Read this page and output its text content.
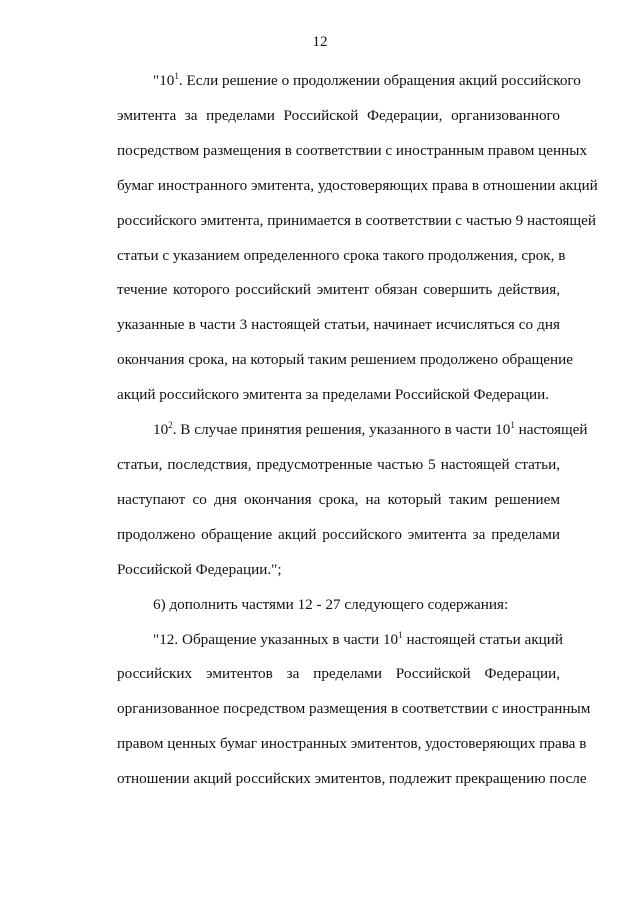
12

"$10^1$. Если решение о продолжении обращения акций российского
эмитента за пределами Российской Федерации, организованного
посредством размещения в соответствии с иностранным правом ценных
бумаг иностранного эмитента, удостоверяющих права в отношении акций
российского эмитента, принимается в соответствии с частью 9 настоящей
статьи с указанием определенного срока такого продолжения, срок, в
течение которого российский эмитент обязан совершить действия,
указанные в части 3 настоящей статьи, начинает исчисляться со дня
окончания срока, на который таким решением продолжено обращение
акций российского эмитента за пределами Российской Федерации.

$10^2$. В случае принятия решения, указанного в части $10^1$ настоящей
статьи, последствия, предусмотренные частью 5 настоящей статьи,
наступают со дня окончания срока, на который таким решением
продолжено обращение акций российского эмитента за пределами
Российской Федерации.";

6) дополнить частями 12 - 27 следующего содержания:

"12. Обращение указанных в части $10^1$ настоящей статьи акций
российских эмитентов за пределами Российской Федерации,
организованное посредством размещения в соответствии с иностранным
правом ценных бумаг иностранных эмитентов, удостоверяющих права в
отношении акций российских эмитентов, подлежит прекращению после
